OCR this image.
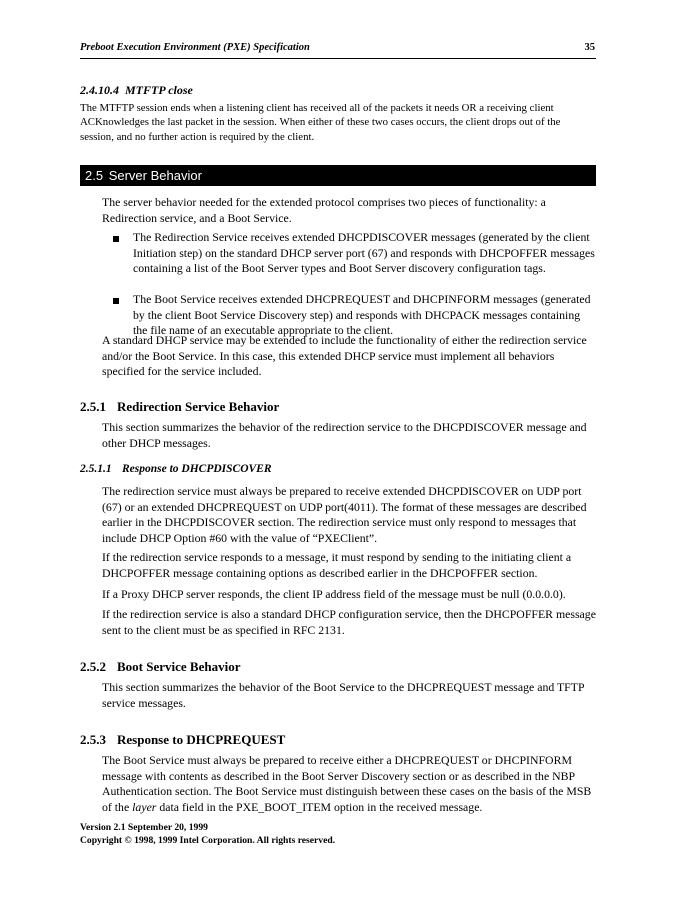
Preboot Execution Environment (PXE) Specification	35
2.4.10.4 MTFTP close
The MTFTP session ends when a listening client has received all of the packets it needs OR a receiving client ACKnowledges the last packet in the session. When either of these two cases occurs, the client drops out of the session, and no further action is required by the client.
2.5 Server Behavior
The server behavior needed for the extended protocol comprises two pieces of functionality: a Redirection service, and a Boot Service.
The Redirection Service receives extended DHCPDISCOVER messages (generated by the client Initiation step) on the standard DHCP server port (67) and responds with DHCPOFFER messages containing a list of the Boot Server types and Boot Server discovery configuration tags.
The Boot Service receives extended DHCPREQUEST and DHCPINFORM messages (generated by the client Boot Service Discovery step) and responds with DHCPACK messages containing the file name of an executable appropriate to the client.
A standard DHCP service may be extended to include the functionality of either the redirection service and/or the Boot Service. In this case, this extended DHCP service must implement all behaviors specified for the service included.
2.5.1 Redirection Service Behavior
This section summarizes the behavior of the redirection service to the DHCPDISCOVER message and other DHCP messages.
2.5.1.1 Response to DHCPDISCOVER
The redirection service must always be prepared to receive extended DHCPDISCOVER on UDP port (67) or an extended DHCPREQUEST on UDP port(4011). The format of these messages are described earlier in the DHCPDISCOVER section. The redirection service must only respond to messages that include DHCP Option #60 with the value of “PXEClient”.
If the redirection service responds to a message, it must respond by sending to the initiating client a DHCPOFFER message containing options as described earlier in the DHCPOFFER section.
If a Proxy DHCP server responds, the client IP address field of the message must be null (0.0.0.0).
If the redirection service is also a standard DHCP configuration service, then the DHCPOFFER message sent to the client must be as specified in RFC 2131.
2.5.2 Boot Service Behavior
This section summarizes the behavior of the Boot Service to the DHCPREQUEST message and TFTP service messages.
2.5.3 Response to DHCPREQUEST
The Boot Service must always be prepared to receive either a DHCPREQUEST or DHCPINFORM message with contents as described in the Boot Server Discovery section or as described in the NBP Authentication section. The Boot Service must distinguish between these cases on the basis of the MSB of the layer data field in the PXE_BOOT_ITEM option in the received message.
Version 2.1 September 20, 1999
Copyright © 1998, 1999 Intel Corporation. All rights reserved.
